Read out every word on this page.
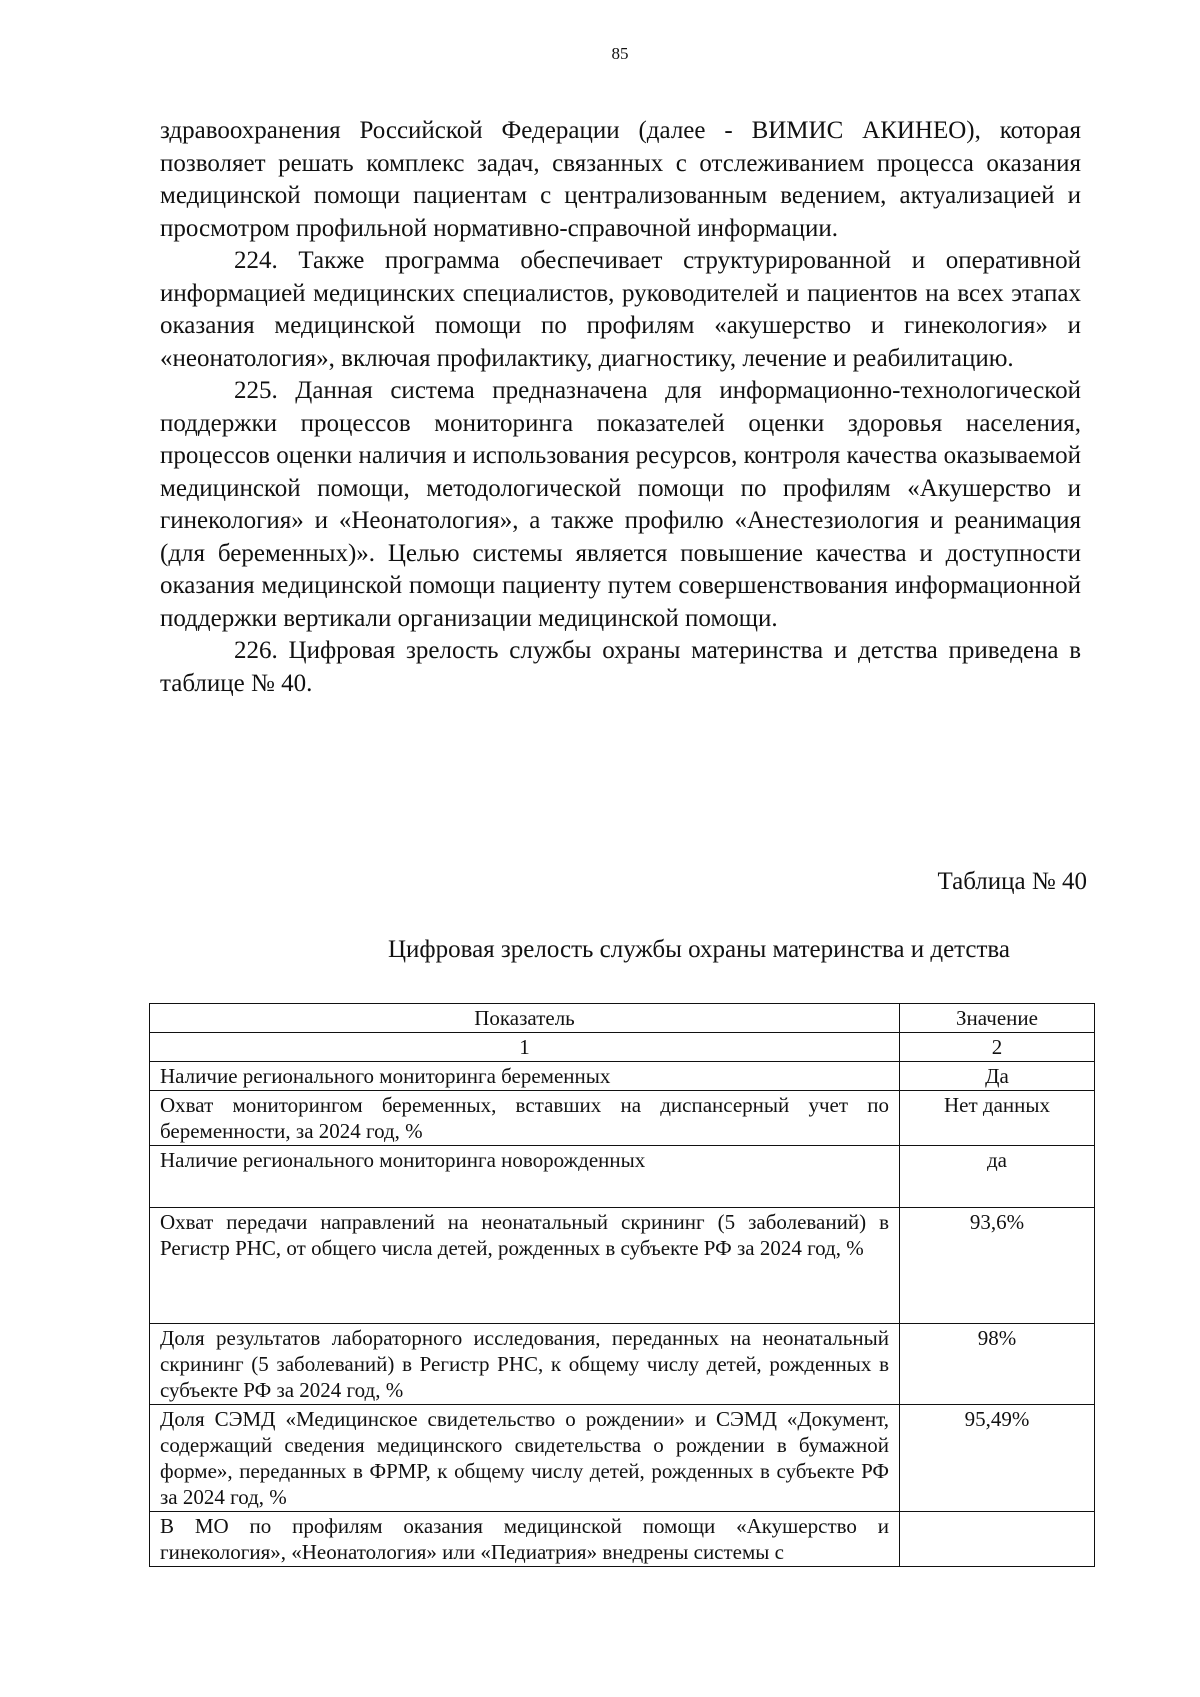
85

здравоохранения Российской Федерации (далее - ВИМИС АКИНЕО), которая позволяет решать комплекс задач, связанных с отслеживанием процесса оказания медицинской помощи пациентам с централизованным ведением, актуализацией и просмотром профильной нормативно-справочной информации.

224. Также программа обеспечивает структурированной и оперативной информацией медицинских специалистов, руководителей и пациентов на всех этапах оказания медицинской помощи по профилям «акушерство и гинекология» и «неонатология», включая профилактику, диагностику, лечение и реабилитацию.

225. Данная система предназначена для информационно-технологической поддержки процессов мониторинга показателей оценки здоровья населения, процессов оценки наличия и использования ресурсов, контроля качества оказываемой медицинской помощи, методологической помощи по профилям «Акушерство и гинекология» и «Неонатология», а также профилю «Анестезиология и реанимация (для беременных)». Целью системы является повышение качества и доступности оказания медицинской помощи пациенту путем совершенствования информационной поддержки вертикали организации медицинской помощи.

226. Цифровая зрелость службы охраны материнства и детства приведена в таблице № 40.

Таблица № 40
Цифровая зрелость службы охраны материнства и детства
Показатель	Значение
1	2
Наличие регионального мониторинга беременных	Да
Охват мониторингом беременных, вставших на диспансерный учет по беременности, за 2024 год, %	Нет данных
Наличие регионального мониторинга новорожденных	да
Охват передачи направлений на неонатальный скрининг (5 заболеваний) в Регистр РНС, от общего числа детей, рожденных в субъекте РФ за 2024 год, %	93,6%
Доля результатов лабораторного исследования, переданных на неонатальный скрининг (5 заболеваний) в Регистр РНС, к общему числу детей, рожденных в субъекте РФ за 2024 год, %	98%
Доля СЭМД «Медицинское свидетельство о рождении» и СЭМД «Документ, содержащий сведения медицинского свидетельства о рождении в бумажной форме», переданных в ФРМР, к общему числу детей, рожденных в субъекте РФ за 2024 год, %	95,49%
В МО по профилям оказания медицинской помощи «Акушерство и гинекология», «Неонатология» или «Педиатрия» внедрены системы с	
